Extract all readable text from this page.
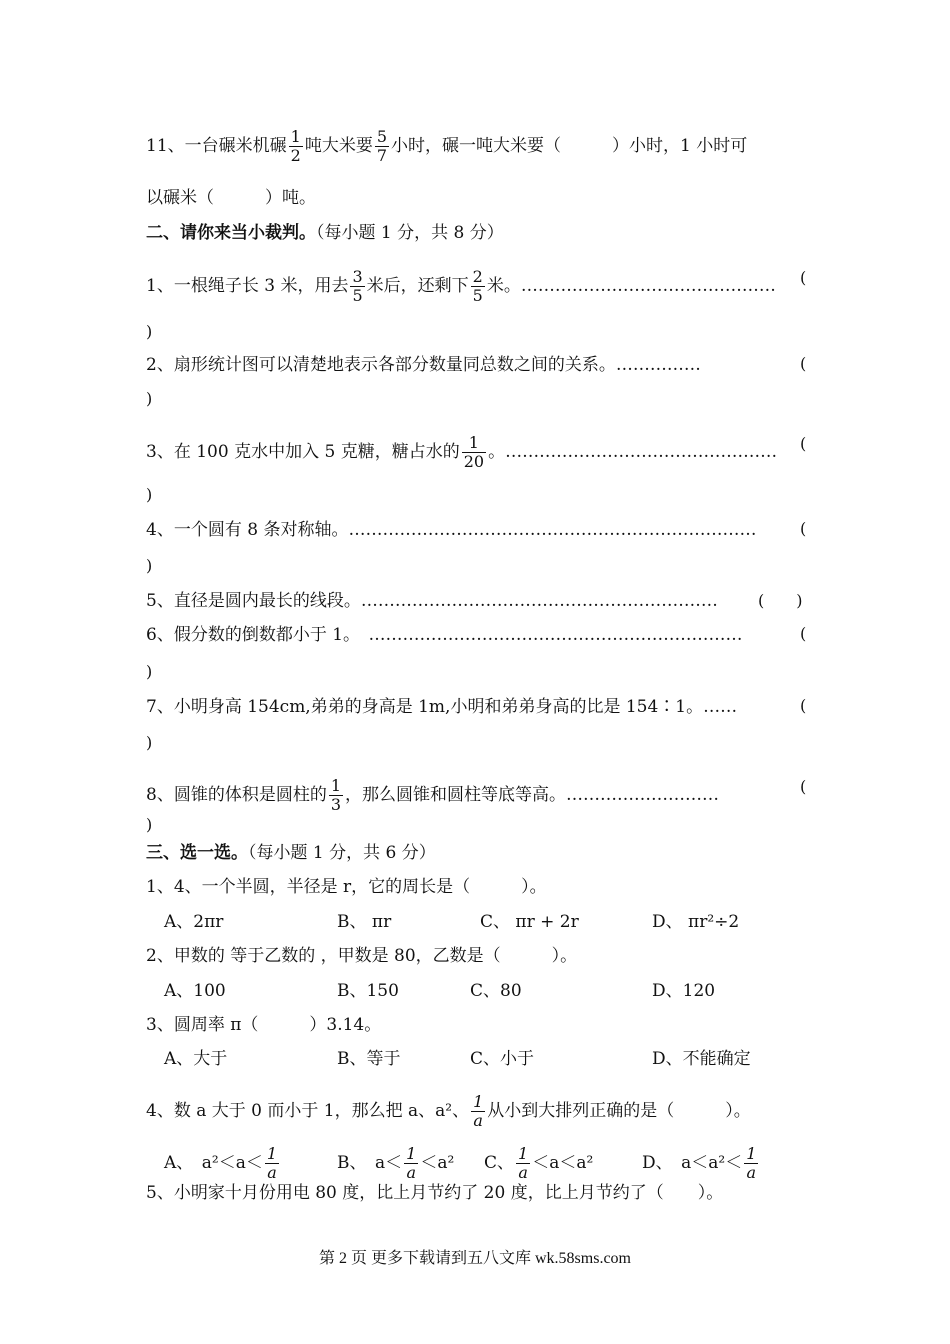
11、一台碾米机碾 $\frac{1}{2}$ 吨大米要 $\frac{5}{7}$ 小时，碾一吨大米要（　　　）小时，1 小时可
以碾米（　　　）吨。
二、请你来当小裁判。（每小题 1 分，共 8 分）
1、一根绳子长 3 米，用去 $\frac{3}{5}$ 米后，还剩下 $\frac{2}{5}$ 米。……………………………………… (
)
2、扇形统计图可以清楚地表示各部分数量同总数之间的关系。……………	(
)
3、在 100 克水中加入 5 克糖，糖占水的 $\frac{1}{20}$ 。………………………………………… (
)
4、一个圆有 8 条对称轴。………………………………………………………………	(
)
5、直径是圆内最长的线段。………………………………………………………	(　　)
6、假分数的倒数都小于 1。　…………………………………………………………	(
)
7、小明身高 154cm,弟弟的身高是 1m,小明和弟弟身高的比是 154∶1。……	(
)
8、圆锥的体积是圆柱的 $\frac{1}{3}$ ，那么圆锥和圆柱等底等高。………………………	(
)
三、选一选。（每小题 1 分，共 6 分）
1、4、一个半圆，半径是 r，它的周长是（　　　）。
A、2πr	B、 πr	C、 πr + 2r	D、 πr²÷2
2、甲数的 等于乙数的 ，甲数是 80，乙数是（　　　）。
A、100	B、150	C、80	D、120
3、圆周率 π（　　　）3.14。
A、大于	B、等于	C、小于	D、不能确定
4、数 a 大于 0 而小于 1，那么把 a、a²、 $\frac{1}{a}$ 从小到大排列正确的是（　　　）。
A、　$a^2<a< \frac{1}{a}$	B、　$a< \frac{1}{a} <a^2$ C、 $\frac{1}{a} <a<a^2$	D、　$a<a^2< \frac{1}{a}$
5、小明家十月份用电 80 度，比上月节约了 20 度，比上月节约了（　　）。
第 2 页 更多下载请到五八文库 wk.58sms.com
